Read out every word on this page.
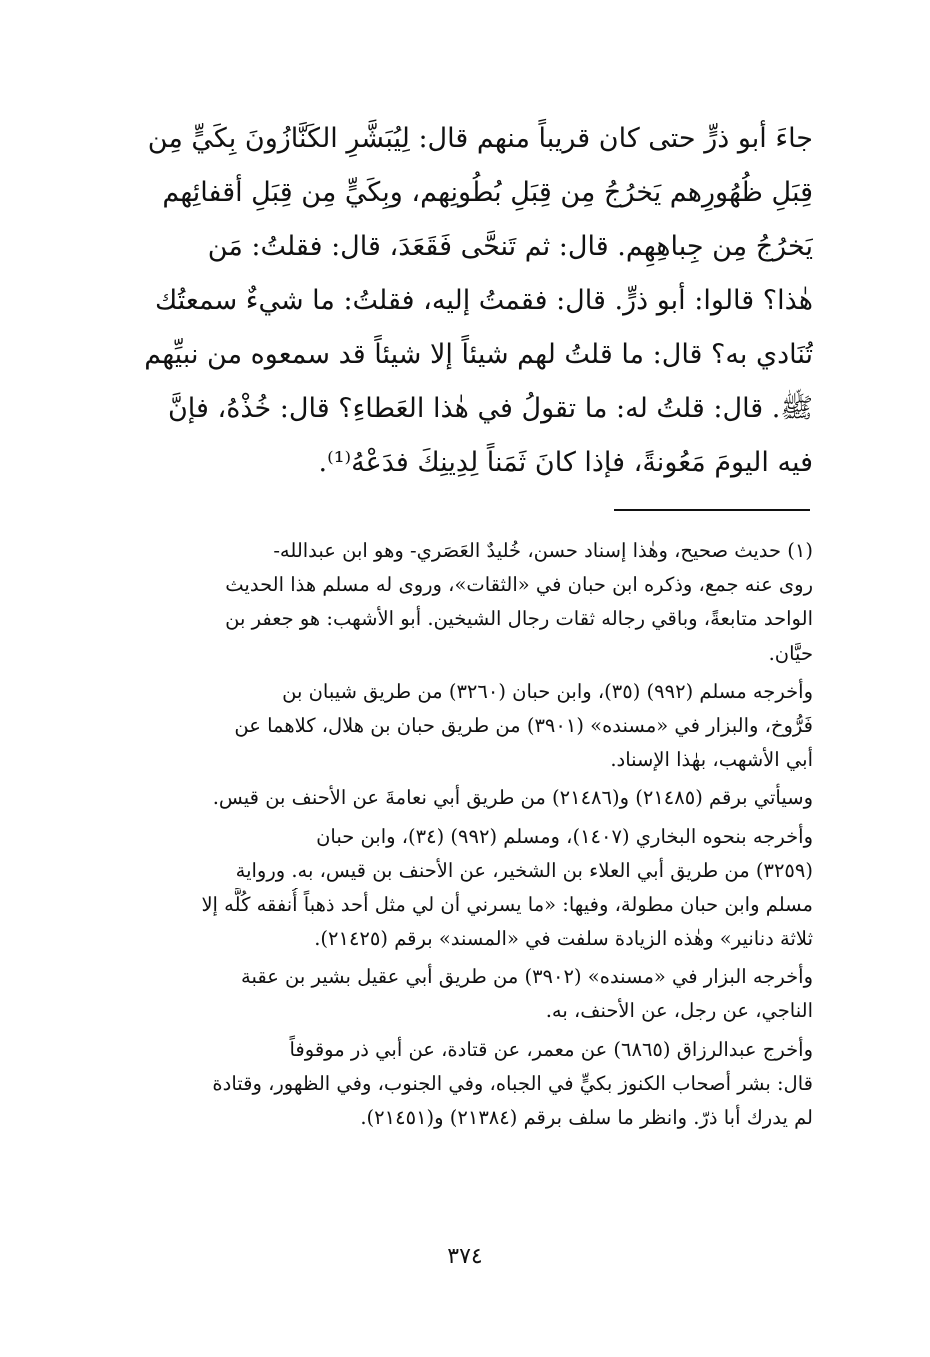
جاءَ أبو ذرٍّ حتى كان قريباً منهم قال: لِيُبَشَّرِ الكَنَّازُونَ بِكَيٍّ مِن
قِبَلِ ظُهُورِهم يَخرُجُ مِن قِبَلِ بُطُونِهم، وبِكَيٍّ مِن قِبَلِ أقفائِهم
يَخرُجُ مِن جِباهِهِم. قال: ثم تَنحَّى فَقَعَدَ، قال: فقلتُ: مَن
هٰذا؟ قالوا: أبو ذرٍّ. قال: فقمتُ إليه، فقلتُ: ما شيءٌ سمعتُك
تُنَادي به؟ قال: ما قلتُ لهم شيئاً إلا شيئاً قد سمعوه من نبيِّهم
ﷺ. قال: قلتُ له: ما تقولُ في هٰذا العَطاءِ؟ قال: خُذْهُ، فإنَّ
فيه اليومَ مَعُونةً، فإذا كانَ ثَمَناً لِدِينِكَ فدَعْهُ⁽¹⁾.
(١) حديث صحيح، وهٰذا إسناد حسن، خُليدٌ العَصَري- وهو ابن عبدالله-
روى عنه جمع، وذكره ابن حبان في «الثقات»، وروى له مسلم هذا الحديث
الواحد متابعةً، وباقي رجاله ثقات رجال الشيخين. أبو الأشهب: هو جعفر بن
حيَّان.
وأخرجه مسلم (٩٩٢) (٣٥)، وابن حبان (٣٢٦٠) من طريق شيبان بن
فَرُّوخ، والبزار في «مسنده» (٣٩٠١) من طريق حبان بن هلال، كلاهما عن
أبي الأشهب، بهٰذا الإسناد.
وسيأتي برقم (٢١٤٨٥) و(٢١٤٨٦) من طريق أبي نعامةَ عن الأحنف بن قيس.
وأخرجه بنحوه البخاري (١٤٠٧)، ومسلم (٩٩٢) (٣٤)، وابن حبان
(٣٢٥٩) من طريق أبي العلاء بن الشخير، عن الأحنف بن قيس، به. ورواية
مسلم وابن حبان مطولة، وفيها: «ما يسرني أن لي مثل أحد ذهباً أُنفقه كُلَّه إلا
ثلاثة دنانير» وهٰذه الزيادة سلفت في «المسند» برقم (٢١٤٢٥).
وأخرجه البزار في «مسنده» (٣٩٠٢) من طريق أبي عقيل بشير بن عقبة
الناجي، عن رجل، عن الأحنف، به.
وأخرج عبدالرزاق (٦٨٦٥) عن معمر، عن قتادة، عن أبي ذر موقوفاً
قال: بشر أصحاب الكنوز بكيٍّ في الجباه، وفي الجنوب، وفي الظهور، وقتادة
لم يدرك أبا ذرّ. وانظر ما سلف برقم (٢١٣٨٤) و(٢١٤٥١).
٣٧٤
